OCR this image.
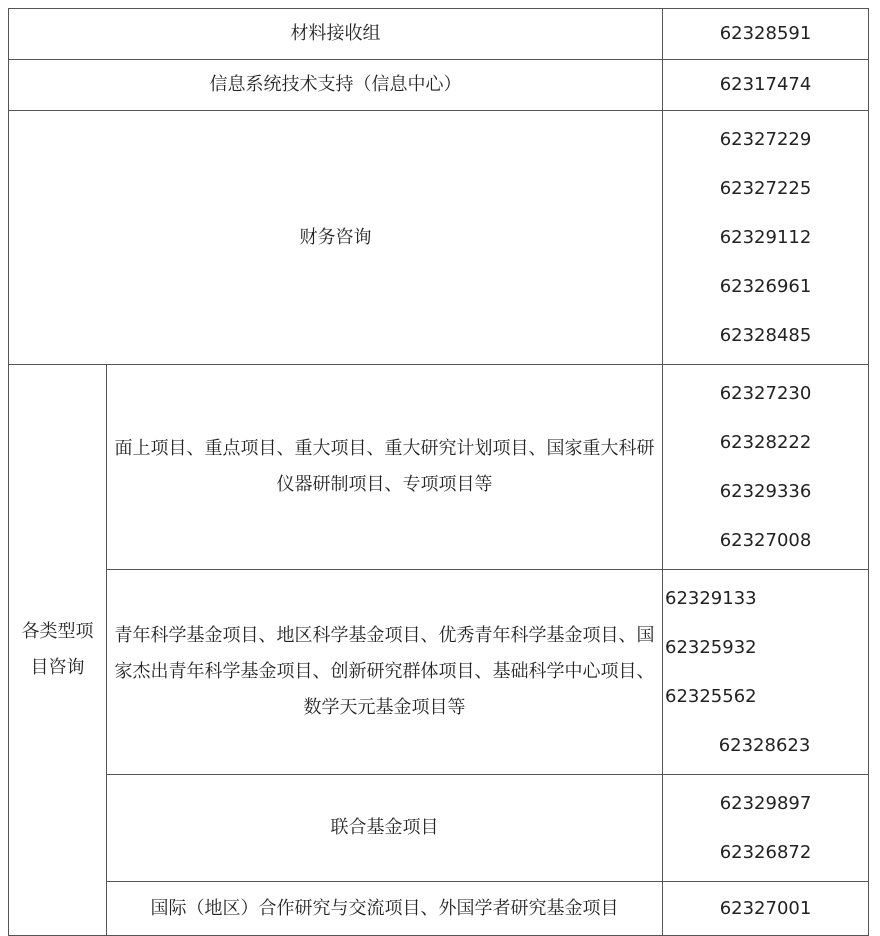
材料接收组		62328591
信息系统技术支持（信息中心）		62317474
财务咨询		62327229
62327225
62329112
62326961
62328485

各类型项目咨询	面上项目、重点项目、重大项目、重大研究计划项目、国家重大科研仪器研制项目、专项项目等	62327230
62328222
62329336
62327008

	青年科学基金项目、地区科学基金项目、优秀青年科学基金项目、国家杰出青年科学基金项目、创新研究群体项目、基础科学中心项目、数学天元基金项目等	62329133
62325932
62325562
62328623

	联合基金项目	62329897
62326872

	国际（地区）合作研究与交流项目、外国学者研究基金项目	62327001
